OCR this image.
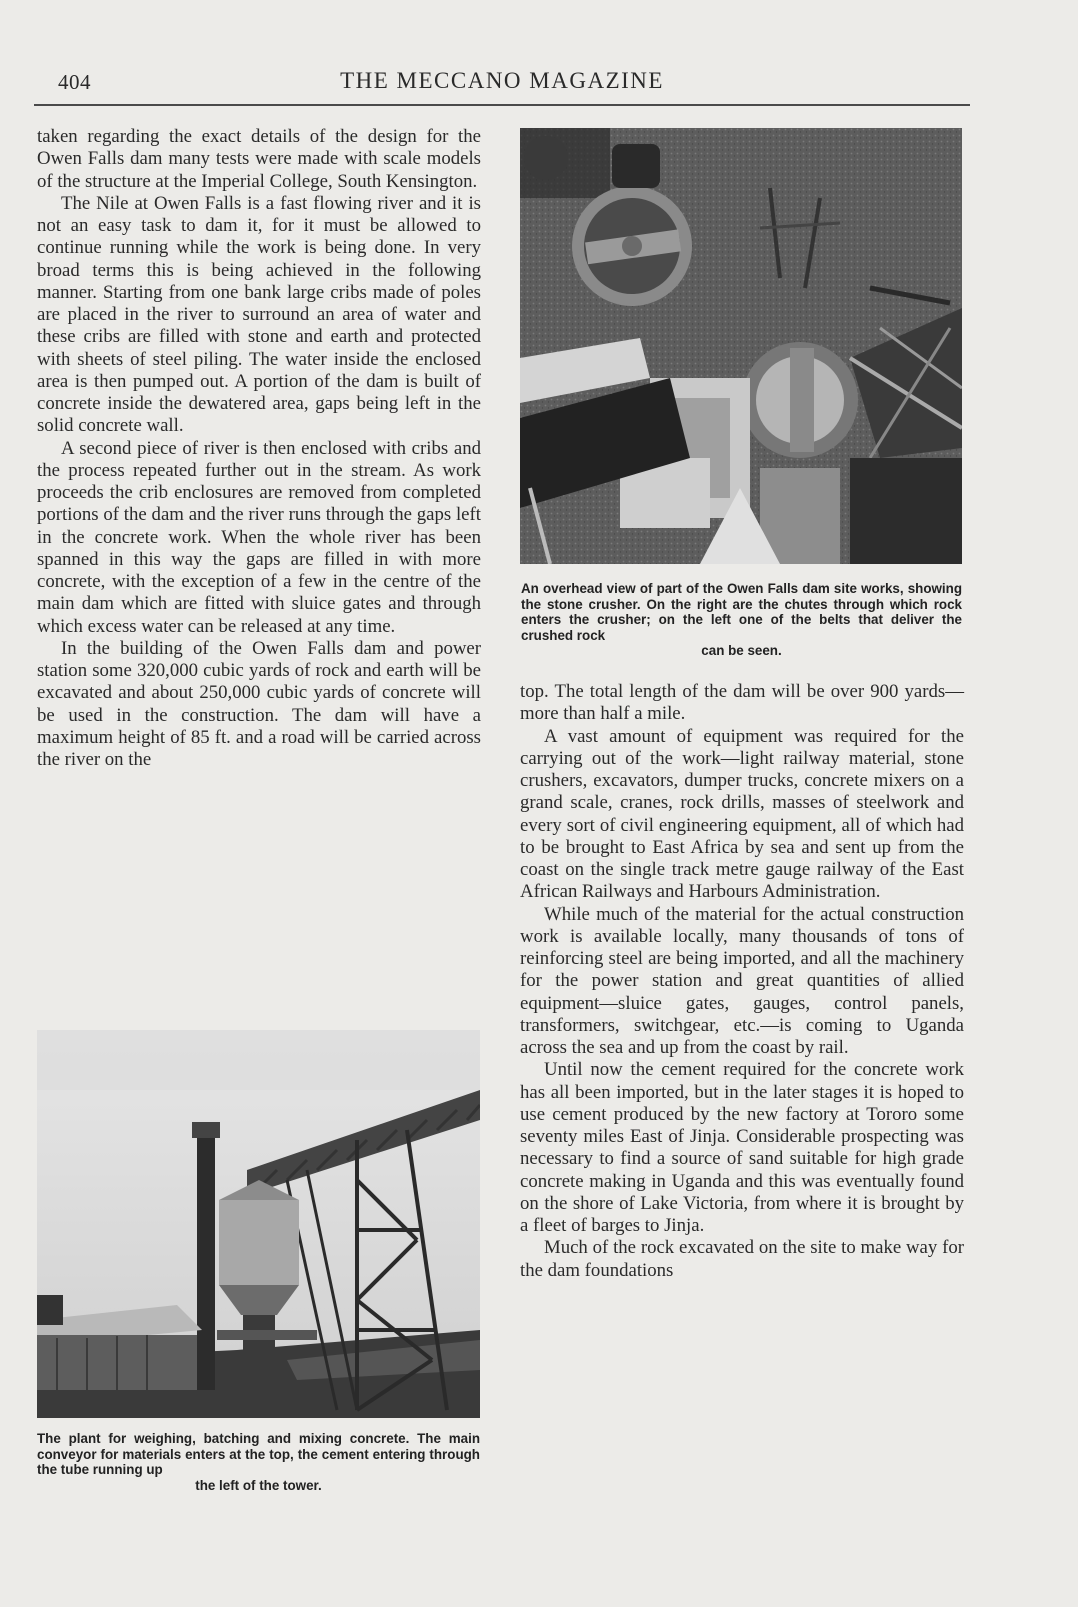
404	THE MECCANO MAGAZINE

taken regarding the exact details of the design for the Owen Falls dam many tests were made with scale models of the structure at the Imperial College, South Kensington.

The Nile at Owen Falls is a fast flowing river and it is not an easy task to dam it, for it must be allowed to continue running while the work is being done. In very broad terms this is being achieved in the following manner. Starting from one bank large cribs made of poles are placed in the river to surround an area of water and these cribs are filled with stone and earth and protected with sheets of steel piling. The water inside the enclosed area is then pumped out. A portion of the dam is built of concrete inside the dewatered area, gaps being left in the solid concrete wall.

A second piece of river is then enclosed with cribs and the process repeated further out in the stream. As work proceeds the crib enclosures are removed from completed portions of the dam and the river runs through the gaps left in the concrete work. When the whole river has been spanned in this way the gaps are filled in with more concrete, with the exception of a few in the centre of the main dam which are fitted with sluice gates and through which excess water can be released at any time.

In the building of the Owen Falls dam and power station some 320,000 cubic yards of rock and earth will be excavated and about 250,000 cubic yards of concrete will be used in the construction. The dam will have a maximum height of 85 ft. and a road will be carried across the river on the

An overhead view of part of the Owen Falls dam site works, showing the stone crusher. On the right are the chutes through which rock enters the crusher; on the left one of the belts that deliver the crushed rock
can be seen.

top. The total length of the dam will be over 900 yards—more than half a mile.

A vast amount of equipment was required for the carrying out of the work—light railway material, stone crushers, excavators, dumper trucks, concrete mixers on a grand scale, cranes, rock drills, masses of steelwork and every sort of civil engineering equipment, all of which had to be brought to East Africa by sea and sent up from the coast on the single track metre gauge railway of the East African Railways and Harbours Administration.

While much of the material for the actual construction work is available locally, many thousands of tons of reinforcing steel are being imported, and all the machinery for the power station and great quantities of allied equipment—sluice gates, gauges, control panels, transformers, switchgear, etc.—is coming to Uganda across the sea and up from the coast by rail.

Until now the cement required for the concrete work has all been imported, but in the later stages it is hoped to use cement produced by the new factory at Tororo some seventy miles East of Jinja. Considerable prospecting was necessary to find a source of sand suitable for high grade concrete making in Uganda and this was eventually found on the shore of Lake Victoria, from where it is brought by a fleet of barges to Jinja.

Much of the rock excavated on the site to make way for the dam foundations

The plant for weighing, batching and mixing concrete. The main conveyor for materials enters at the top, the cement entering through the tube running up
the left of the tower.
